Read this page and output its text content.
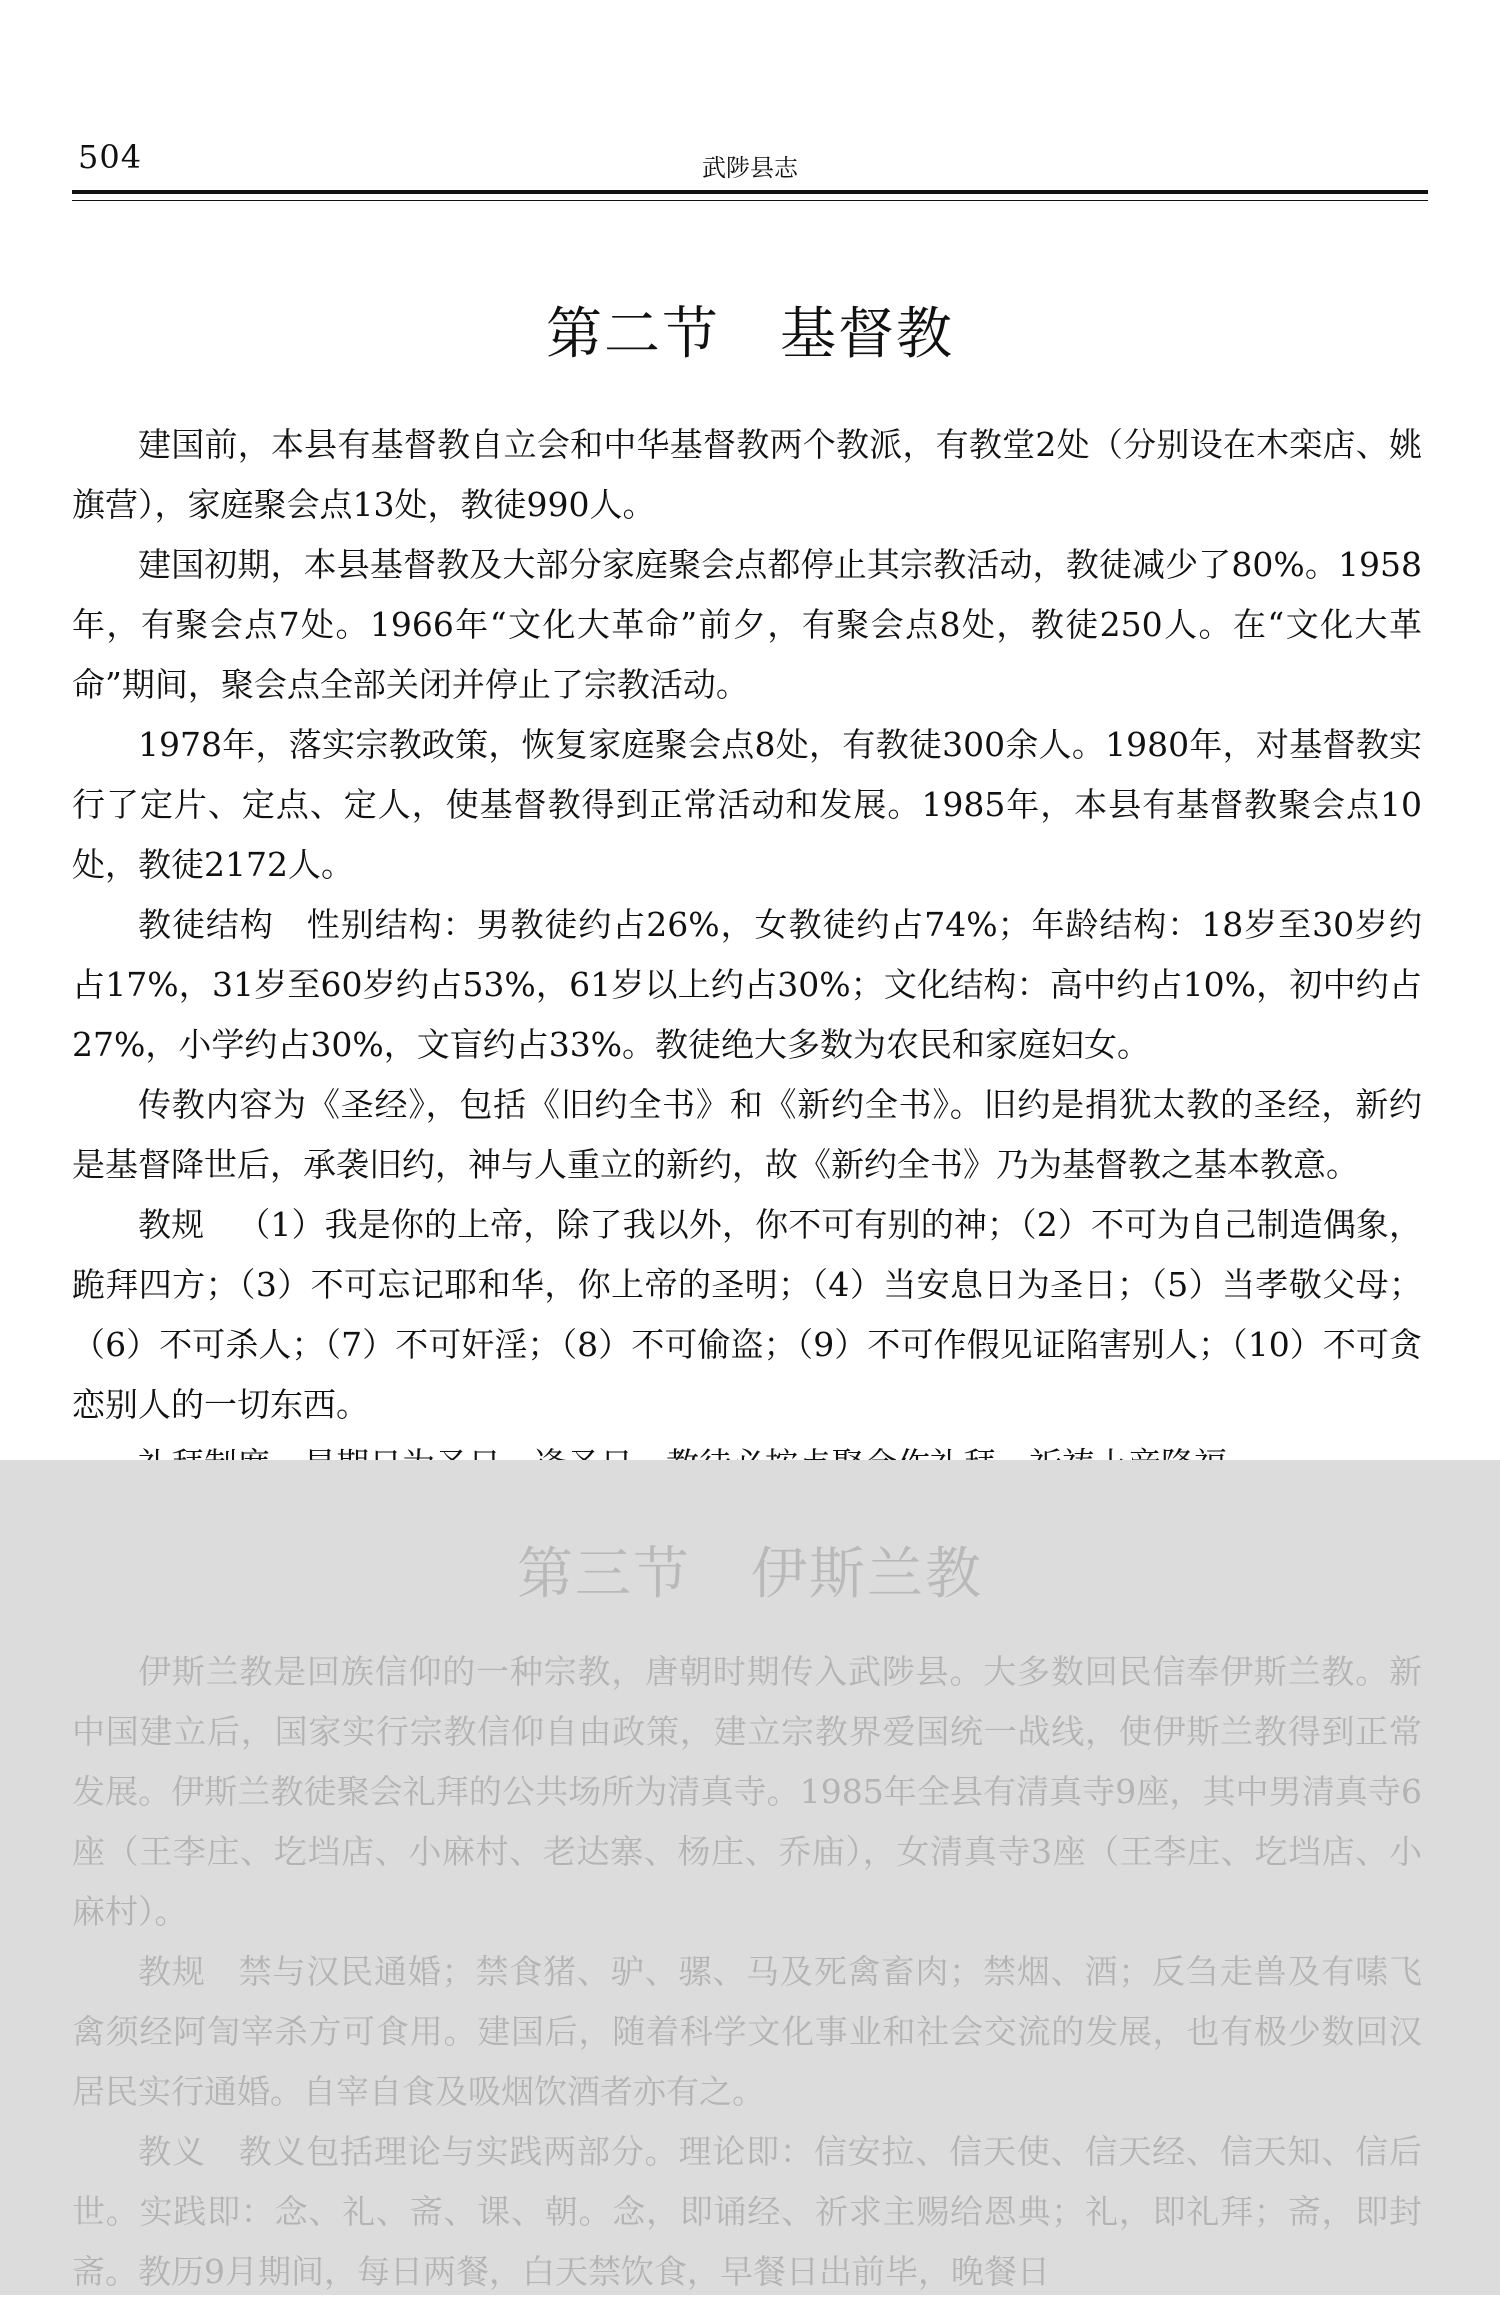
504	武陟县志
第二节 基督教

建国前，本县有基督教自立会和中华基督教两个教派，有教堂2处（分别设在木栾店、姚旗营），家庭聚会点13处，教徒990人。

建国初期，本县基督教及大部分家庭聚会点都停止其宗教活动，教徒减少了80%。1958年，有聚会点7处。1966年“文化大革命”前夕，有聚会点8处，教徒250人。在“文化大革命”期间，聚会点全部关闭并停止了宗教活动。

1978年，落实宗教政策，恢复家庭聚会点8处，有教徒300余人。1980年，对基督教实行了定片、定点、定人，使基督教得到正常活动和发展。1985年，本县有基督教聚会点10处，教徒2172人。

教徒结构 性别结构：男教徒约占26%，女教徒约占74%；年龄结构：18岁至30岁约占17%，31岁至60岁约占53%，61岁以上约占30%；文化结构：高中约占10%，初中约占27%，小学约占30%，文盲约占33%。教徒绝大多数为农民和家庭妇女。

传教内容为《圣经》，包括《旧约全书》和《新约全书》。旧约是捐犹太教的圣经，新约是基督降世后，承袭旧约，神与人重立的新约，故《新约全书》乃为基督教之基本教意。

教规 （1）我是你的上帝，除了我以外，你不可有别的神；（2）不可为自己制造偶象，跪拜四方；（3）不可忘记耶和华，你上帝的圣明；（4）当安息日为圣日；（5）当孝敬父母；（6）不可杀人；（7）不可奸淫；（8）不可偷盗；（9）不可作假见证陷害别人；（10）不可贪恋别人的一切东西。

第三节 伊斯兰教

伊斯兰教是回族信仰的一种宗教，唐朝时期传入武陟县。大多数回民信奉伊斯兰教。新中国建立后，国家实行宗教信仰自由政策，建立宗教界爱国统一战线，使伊斯兰教得到正常发展。伊斯兰教徒聚会礼拜的公共场所为清真寺。1985年全县有清真寺9座，其中男清真寺6座（王李庄、圪垱店、小麻村、老达寨、杨庄、乔庙），女清真寺3座（王李庄、圪垱店、小麻村）。

教规 禁与汉民通婚；禁食猪、驴、骡、马及死禽畜肉；禁烟、酒；反刍走兽及有嗉飞禽须经阿訇宰杀方可食用。建国后，随着科学文化事业和社会交流的发展，也有极少数回汉居民实行通婚。自宰自食及吸烟饮酒者亦有之。

教义 教义包括理论与实践两部分。理论即：信安拉、信天使、信天经、信天知、信后世。实践即：念、礼、斋、课、朝。念，即诵经、祈求主赐给恩典；礼，即礼拜；斋，即封斋。教历9月期间，每日两餐，白天禁饮食，早餐日出前毕，晚餐日
